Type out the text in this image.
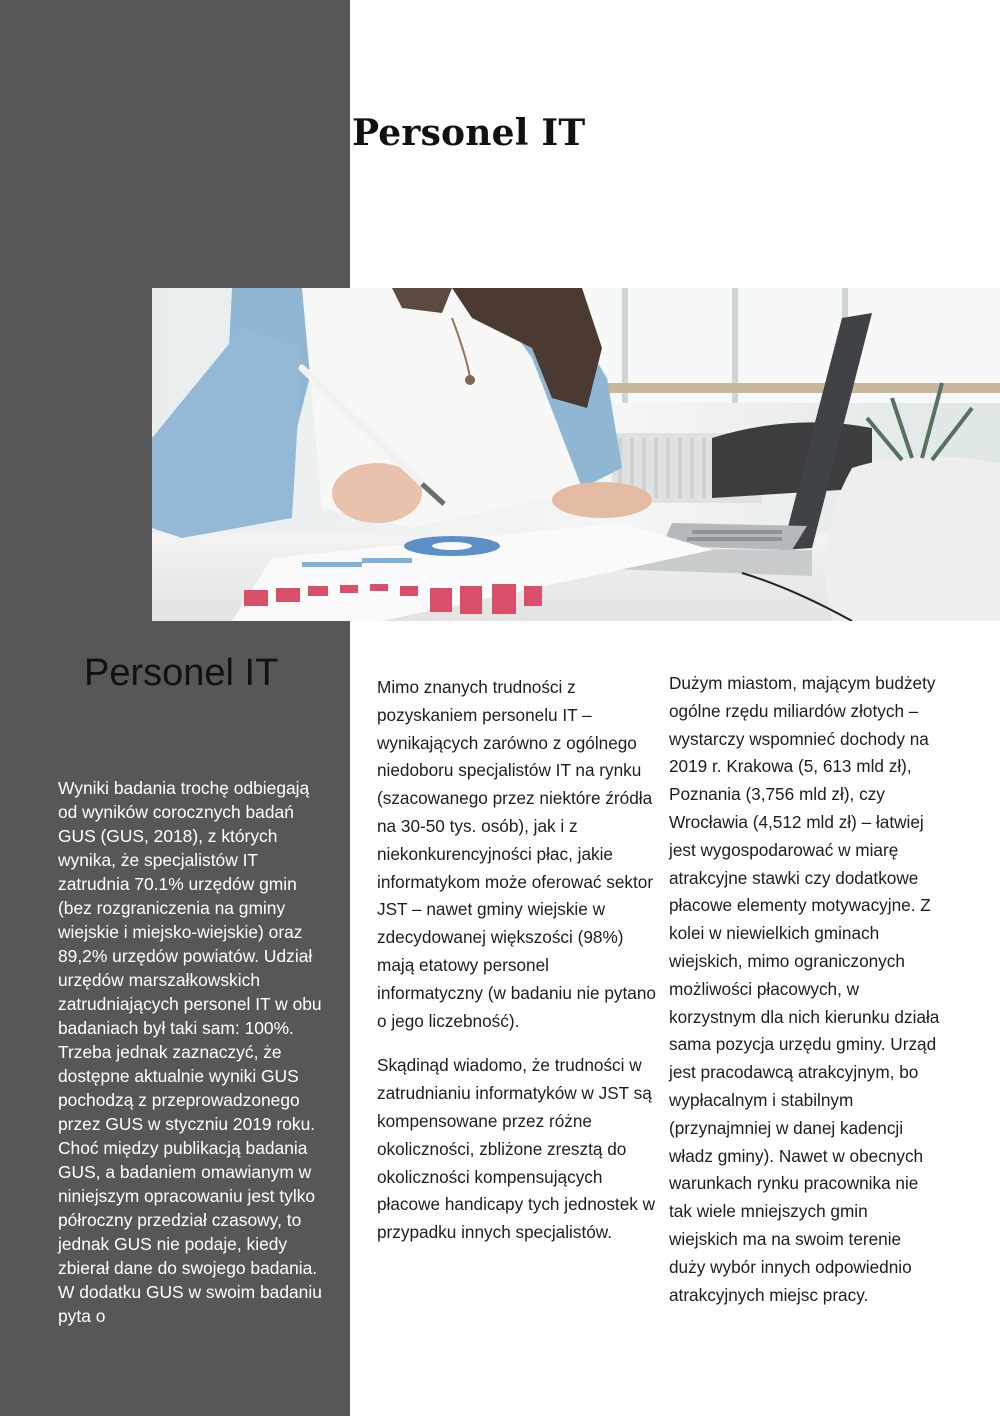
Personel IT
Personel IT

Wyniki badania trochę odbiegają od wyników corocznych badań GUS (GUS, 2018), z których wynika, że specjalistów IT zatrudnia 70.1% urzędów gmin (bez rozgraniczenia na gminy wiejskie i miejsko-wiejskie) oraz 89,2% urzędów powiatów. Udział urzędów marszałkowskich zatrudniających personel IT w obu badaniach był taki sam: 100%. Trzeba jednak zaznaczyć, że dostępne aktualnie wyniki GUS pochodzą z przeprowadzonego przez GUS w styczniu 2019 roku. Choć między publikacją badania GUS, a badaniem omawianym w niniejszym opracowaniu jest tylko półroczny przedział czasowy, to jednak GUS nie podaje, kiedy zbierał dane do swojego badania. W dodatku GUS w swoim badaniu pyta o

Mimo znanych trudności z pozyskaniem personelu IT – wynikających zarówno z ogólnego niedoboru specjalistów IT na rynku (szacowanego przez niektóre źródła na 30-50 tys. osób), jak i z niekonkurencyjności płac, jakie informatykom może oferować sektor JST – nawet gminy wiejskie w zdecydowanej większości (98%) mają etatowy personel informatyczny (w badaniu nie pytano o jego liczebność).

Skądinąd wiadomo, że trudności w zatrudnianiu informatyków w JST są kompensowane przez różne okoliczności, zbliżone zresztą do okoliczności kompensujących płacowe handicapy tych jednostek w przypadku innych specjalistów.

Dużym miastom, mającym budżety ogólne rzędu miliardów złotych – wystarczy wspomnieć dochody na 2019 r. Krakowa (5, 613 mld zł), Poznania (3,756 mld zł), czy Wrocławia (4,512 mld zł) – łatwiej jest wygospodarować w miarę atrakcyjne stawki czy dodatkowe płacowe elementy motywacyjne. Z kolei w niewielkich gminach wiejskich, mimo ograniczonych możliwości płacowych, w korzystnym dla nich kierunku działa sama pozycja urzędu gminy. Urząd jest pracodawcą atrakcyjnym, bo wypłacalnym i stabilnym (przynajmniej w danej kadencji władz gminy). Nawet w obecnych warunkach rynku pracownika nie tak wiele mniejszych gmin wiejskich ma na swoim terenie duży wybór innych odpowiednio atrakcyjnych miejsc pracy.
